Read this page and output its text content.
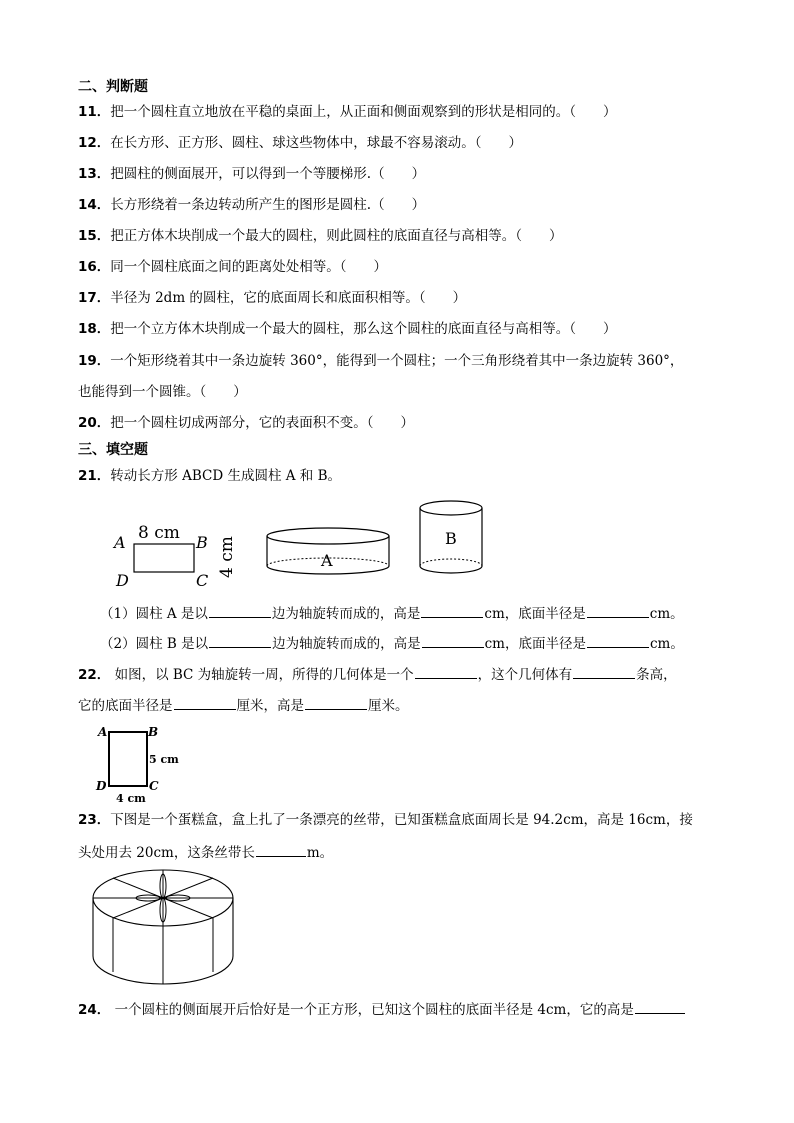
二、判断题
11．把一个圆柱直立地放在平稳的桌面上，从正面和侧面观察到的形状是相同的。（　　）
12．在长方形、正方形、圆柱、球这些物体中，球最不容易滚动。（　　）
13．把圆柱的侧面展开，可以得到一个等腰梯形.（　　）
14．长方形绕着一条边转动所产生的图形是圆柱.（　　）
15．把正方体木块削成一个最大的圆柱，则此圆柱的底面直径与高相等。（　　）
16．同一个圆柱底面之间的距离处处相等。（　　）
17．半径为 2dm 的圆柱，它的底面周长和底面积相等。（　　）
18．把一个立方体木块削成一个最大的圆柱，那么这个圆柱的底面直径与高相等。（　　）
19．一个矩形绕着其中一条边旋转 360°，能得到一个圆柱；一个三角形绕着其中一条边旋转 360°，
也能得到一个圆锥。（　　）
20．把一个圆柱切成两部分，它的表面积不变。（　　）
三、填空题
21．转动长方形 ABCD 生成圆柱 A 和 B。
A 8 cm B
D	C
4 cm	A
B
（1）圆柱 A 是以	边为轴旋转而成的，高是	cm，底面半径是	cm。
（2）圆柱 B 是以	边为轴旋转而成的，高是	cm，底面半径是	cm。
22． 如图，以 BC 为轴旋转一周，所得的几何体是一个	，这个几何体有	条高，
它的底面半径是	厘米，高是	厘米。
A	B
5 cm
D	C
4 cm
23．下图是一个蛋糕盒，盒上扎了一条漂亮的丝带，已知蛋糕盒底面周长是 94.2cm，高是 16cm，接
头处用去 20cm，这条丝带长	m。
24． 一个圆柱的侧面展开后恰好是一个正方形，已知这个圆柱的底面半径是 4cm，它的高是
